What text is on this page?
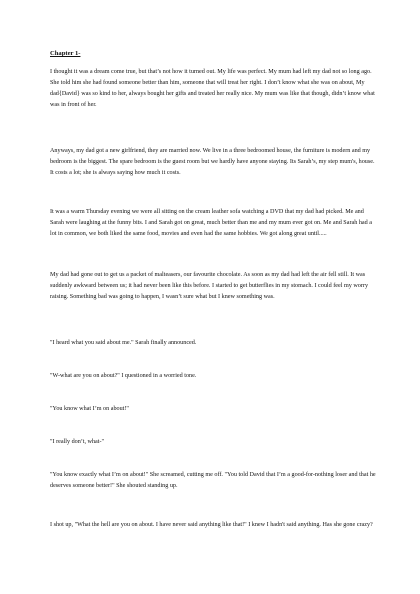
Chapter 1-

I thought it was a dream come true, but that’s not how it turned out. My life was perfect. My mum had left my dad not so long ago. She told him she had found someone better than him, someone that will treat her right. I don’t know what she was on about, My dad{David} was so kind to her, always bought her gifts and treated her really nice. My mum was like that though, didn’t know what was in front of her.

Anyways, my dad got a new girlfriend, they are married now. We live in a three bedroomed house, the furniture is modern and my bedroom is the biggest. The spare bedroom is the guest room but we hardly have anyone staying. Its Sarah’s, my step mum's, house. It costs a lot; she is always saying how much it costs.

It was a warm Thursday evening we were all sitting on the cream leather sofa watching a DVD that my dad had picked. Me and Sarah were laughing at the funny bits. I and Sarah got on great, much better than me and my mum ever got on. Me and Sarah had a lot in common, we both liked the same food, movies and even had the same hobbies. We got along great until.....

My dad had gone out to get us a packet of malteasers, our favourite chocolate. As soon as my dad had left the air fell still. It was suddenly awkward between us; it had never been like this before. I started to get butterflies in my stomach. I could feel my worry raising. Something bad was going to happen, I wasn’t sure what but I knew something was.

"I heard what you said about me." Sarah finally announced.

"W-what are you on about?" I questioned in a worried tone.

"You know what I’m on about!"

"I really don’t, what-"

"You know exactly what I’m on about!" She screamed, cutting me off. "You told David that I’m a good-for-nothing loser and that he deserves someone better!" She shouted standing up.

I shot up, "What the hell are you on about. I have never said anything like that!" I knew I hadn't said anything. Has she gone crazy?
